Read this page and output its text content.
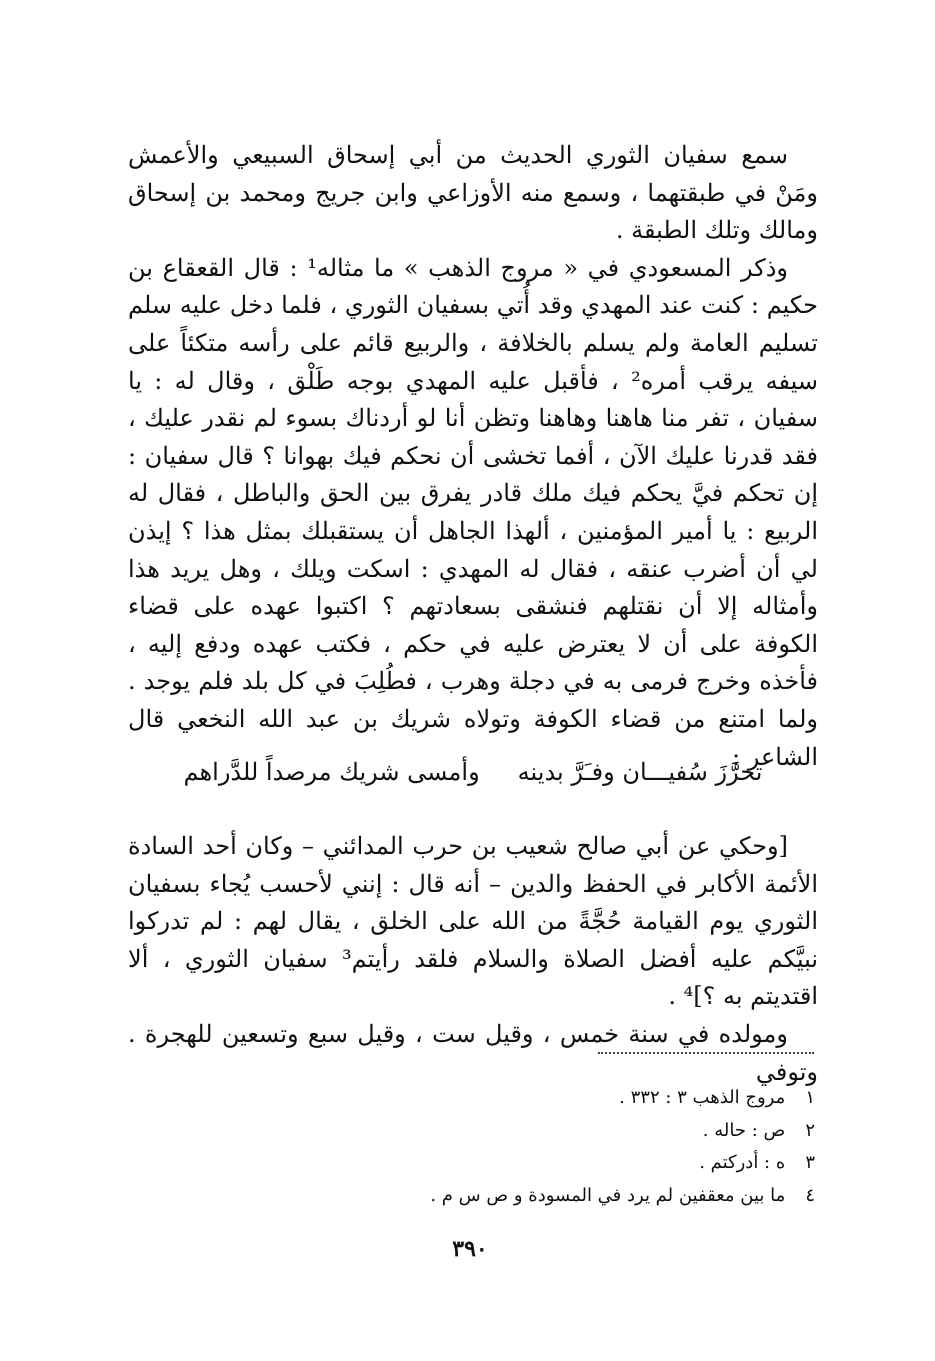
سمع سفيان الثوري الحديث من أبي إسحاق السبيعي والأعمش ومَنْ في طبقتهما ، وسمع منه الأوزاعي وابن جريج ومحمد بن إسحاق ومالك وتلك الطبقة .

وذكر المسعودي في « مروج الذهب » ما مثاله¹ : قال القعقاع بن حكيم : كنت عند المهدي وقد أُتي بسفيان الثوري ، فلما دخل عليه سلم تسليم العامة ولم يسلم بالخلافة ، والربيع قائم على رأسه متكئاً على سيفه يرقب أمره² ، فأقبل عليه المهدي بوجه طَلْق ، وقال له : يا سفيان ، تفر منا هاهنا وهاهنا وتظن أنا لو أردناك بسوء لم نقدر عليك ، فقد قدرنا عليك الآن ، أفما تخشى أن نحكم فيك بهوانا ؟ قال سفيان : إن تحكم فيَّ يحكم فيك ملك قادر يفرق بين الحق والباطل ، فقال له الربيع : يا أمير المؤمنين ، ألهذا الجاهل أن يستقبلك بمثل هذا ؟ إيذن لي أن أضرب عنقه ، فقال له المهدي : اسكت ويلك ، وهل يريد هذا وأمثاله إلا أن نقتلهم فنشقى بسعادتهم ؟ اكتبوا عهده على قضاء الكوفة على أن لا يعترض عليه في حكم ، فكتب عهده ودفع إليه ، فأخذه وخرج فرمى به في دجلة وهرب ، فطُلِبَ في كل بلد فلم يوجد . ولما امتنع من قضاء الكوفة وتولاه شريك بن عبد الله النخعي قال الشاعر :

تحرَّزَ سُفيـــان وفـَرَّ بدينه
وأمسى شريك مرصداً للدَّراهم

[وحكي عن أبي صالح شعيب بن حرب المدائني – وكان أحد السادة الأئمة الأكابر في الحفظ والدين – أنه قال : إنني لأحسب يُجاء بسفيان الثوري يوم القيامة حُجَّةً من الله على الخلق ، يقال لهم : لم تدركوا نبيَّكم عليه أفضل الصلاة والسلام فلقد رأيتم³ سفيان الثوري ، ألا اقتديتم به ؟]⁴ .

ومولده في سنة خمس ، وقيل ست ، وقيل سبع وتسعين للهجرة . وتوفي

١ مروج الذهب ٣ : ٣٣٢ .
٢ ص : حاله .
٣ ه : أدركتم .
٤ ما بين معقفين لم يرد في المسودة و ص س م .
٣٩٠
